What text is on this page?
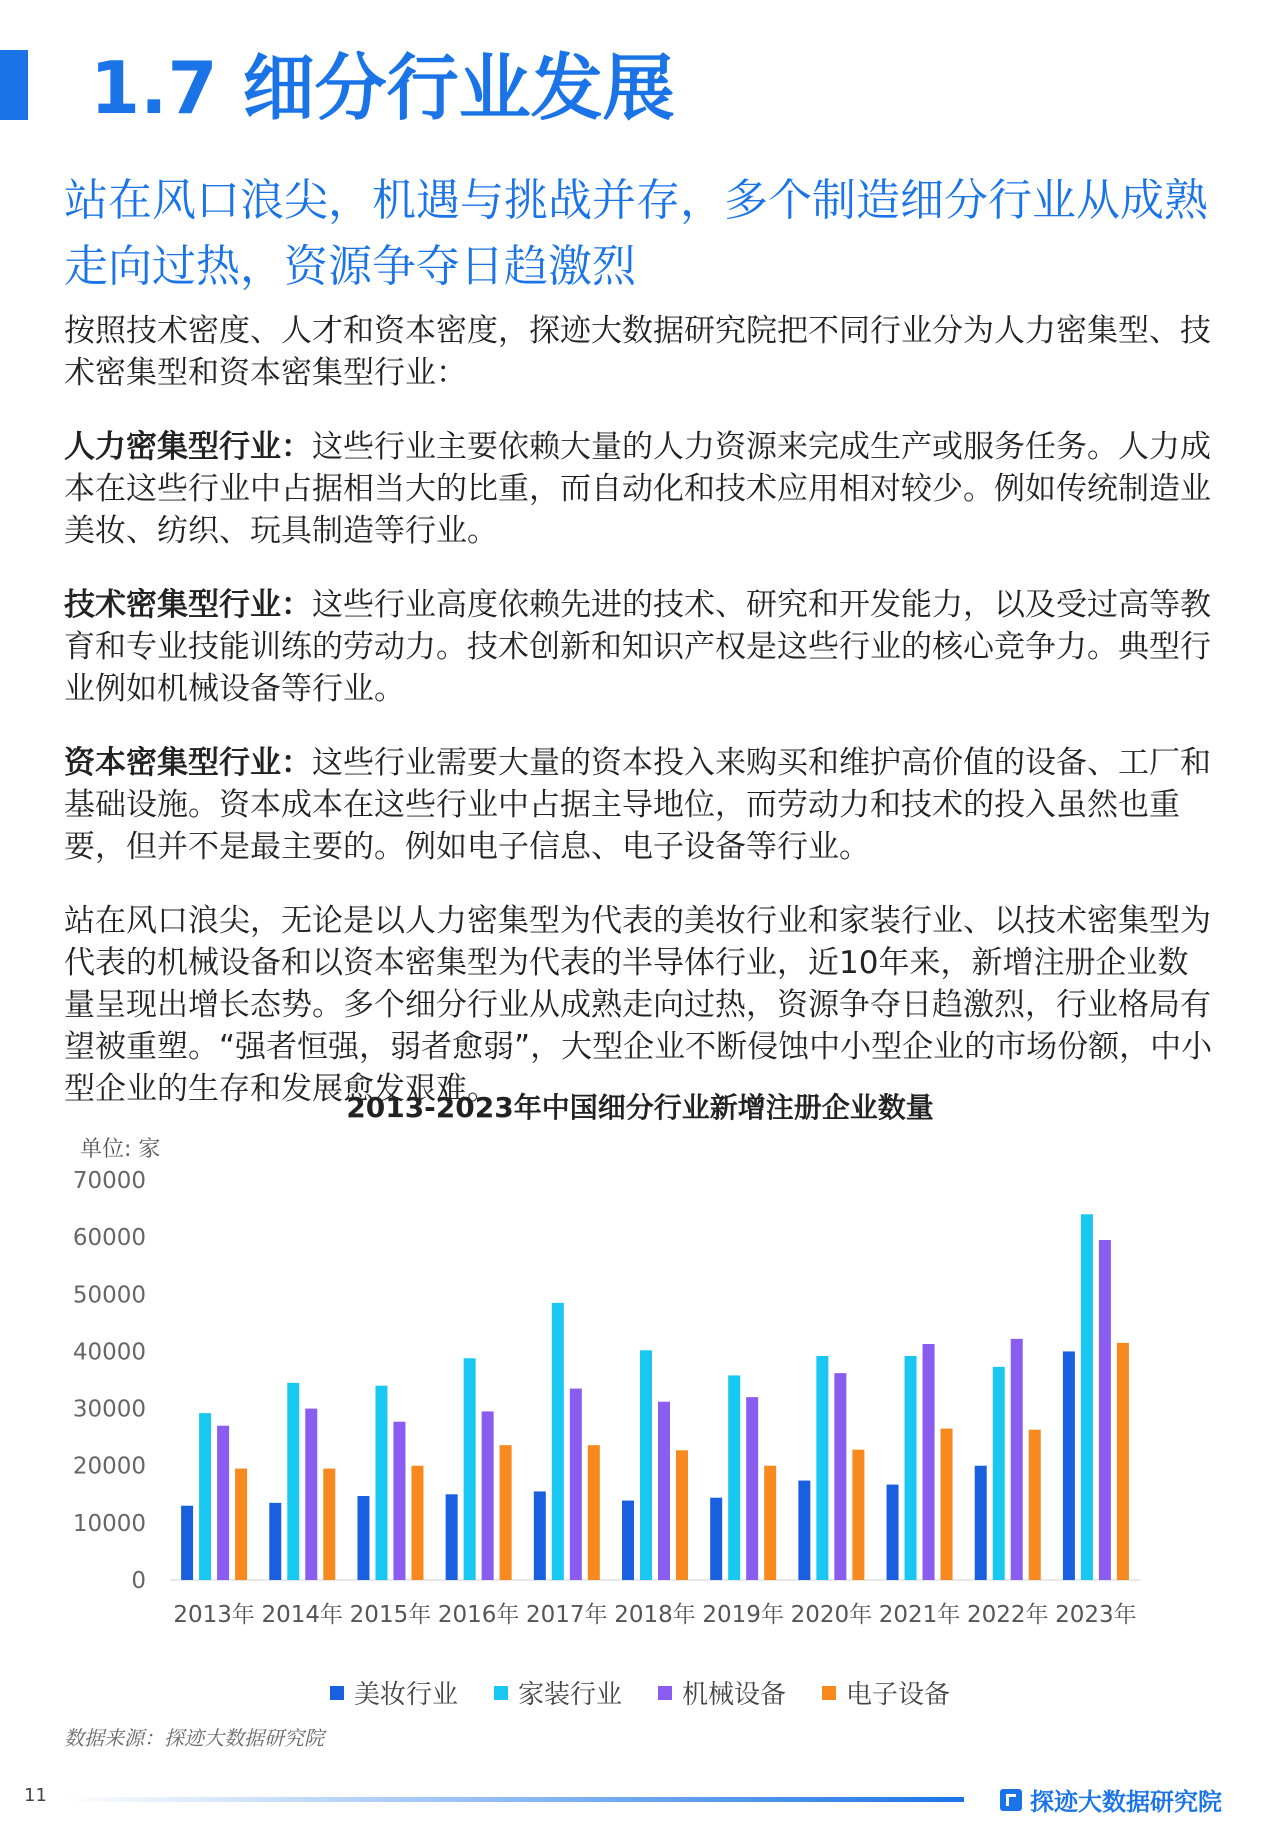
1.7 细分行业发展
站在风口浪尖，机遇与挑战并存，多个制造细分行业从成熟走向过热，资源争夺日趋激烈

按照技术密度、人才和资本密度，探迹大数据研究院把不同行业分为人力密集型、技术密集型和资本密集型行业：

人力密集型行业：这些行业主要依赖大量的人力资源来完成生产或服务任务。人力成本在这些行业中占据相当大的比重，而自动化和技术应用相对较少。例如传统制造业美妆、纺织、玩具制造等行业。

技术密集型行业：这些行业高度依赖先进的技术、研究和开发能力，以及受过高等教育和专业技能训练的劳动力。技术创新和知识产权是这些行业的核心竞争力。典型行业例如机械设备等行业。

资本密集型行业：这些行业需要大量的资本投入来购买和维护高价值的设备、工厂和基础设施。资本成本在这些行业中占据主导地位，而劳动力和技术的投入虽然也重要，但并不是最主要的。例如电子信息、电子设备等行业。

站在风口浪尖，无论是以人力密集型为代表的美妆行业和家装行业、以技术密集型为代表的机械设备和以资本密集型为代表的半导体行业，近10年来，新增注册企业数量呈现出增长态势。多个细分行业从成熟走向过热，资源争夺日趋激烈，行业格局有望被重塑。“强者恒强，弱者愈弱”，大型企业不断侵蚀中小型企业的市场份额，中小型企业的生存和发展愈发艰难。

2013-2023年中国细分行业新增注册企业数量
单位: 家
0
10000
20000
30000
40000
50000
60000
70000
2013年 2014年 2015年 2016年 2017年 2018年 2019年 2020年 2021年 2022年 2023年
美妆行业 家装行业 机械设备 电子设备
数据来源：探迹大数据研究院
11	探迹大数据研究院
